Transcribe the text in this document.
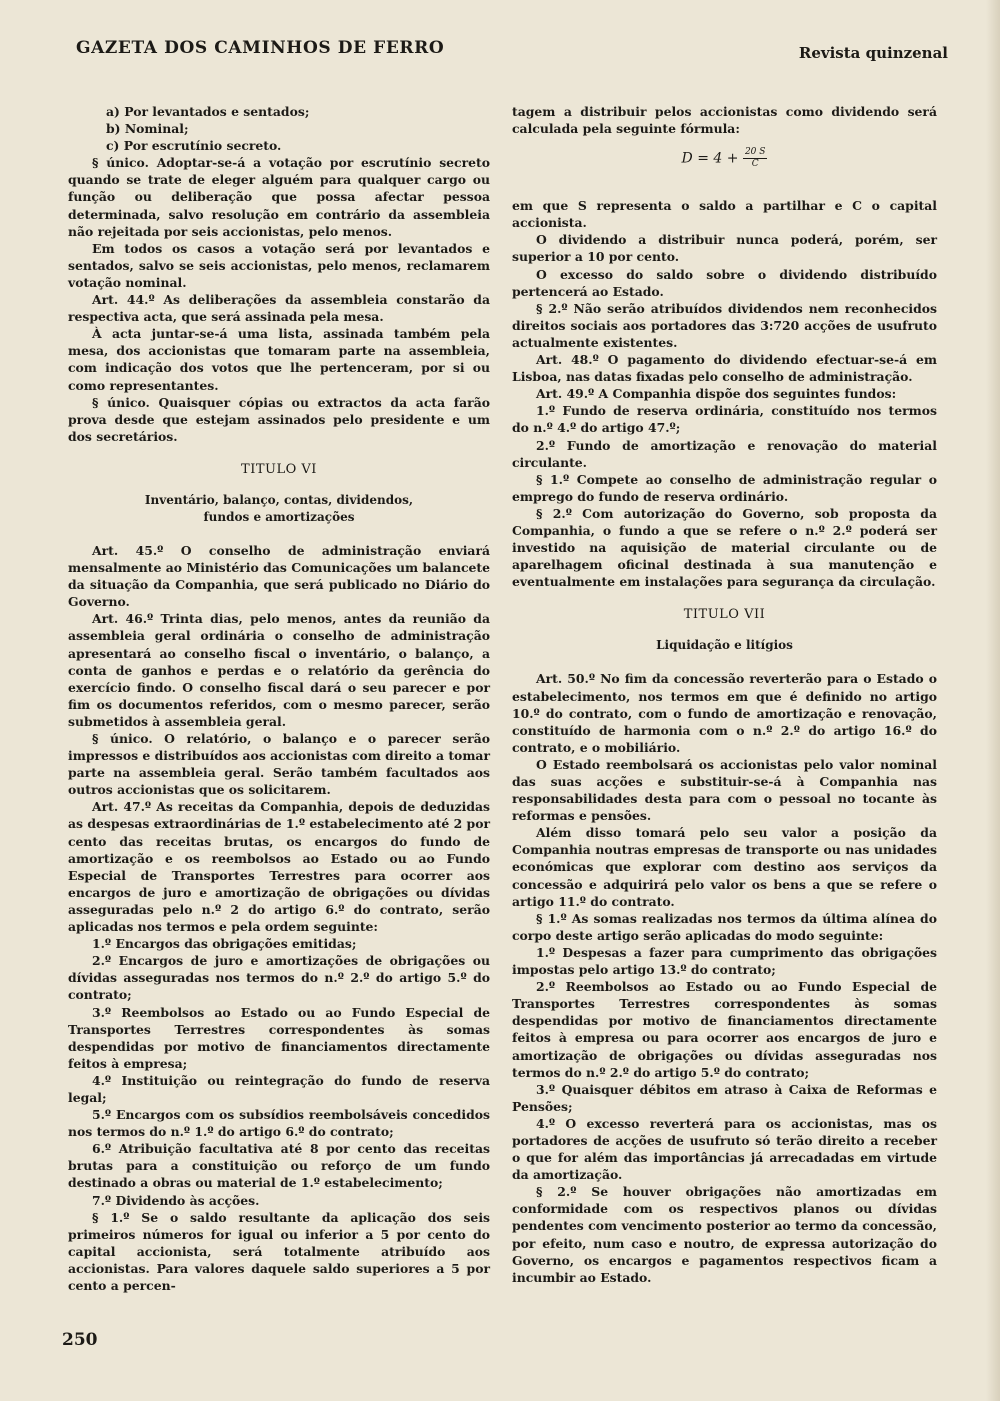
GAZETA DOS CAMINHOS DE FERRO	Revista quinzenal

a) Por levantados e sentados;

b) Nominal;

c) Por escrutínio secreto.

§ único. Adoptar-se-á a votação por escrutínio secreto quando se trate de eleger alguém para qualquer cargo ou função ou deliberação que possa afectar pessoa determinada, salvo resolução em contrário da assembleia não rejeitada por seis accionistas, pelo menos.

Em todos os casos a votação será por levantados e sentados, salvo se seis accionistas, pelo menos, reclamarem votação nominal.

Art. 44.º As deliberações da assembleia constarão da respectiva acta, que será assinada pela mesa.

À acta juntar-se-á uma lista, assinada também pela mesa, dos accionistas que tomaram parte na assembleia, com indicação dos votos que lhe pertenceram, por si ou como representantes.

§ único. Quaisquer cópias ou extractos da acta farão prova desde que estejam assinados pelo presidente e um dos secretários.

TITULO VI
Inventário, balanço, contas, dividendos,
fundos e amortizações

Art. 45.º O conselho de administração enviará mensalmente ao Ministério das Comunicações um balancete da situação da Companhia, que será publicado no Diário do Governo.

Art. 46.º Trinta dias, pelo menos, antes da reunião da assembleia geral ordinária o conselho de administração apresentará ao conselho fiscal o inventário, o balanço, a conta de ganhos e perdas e o relatório da gerência do exercício findo. O conselho fiscal dará o seu parecer e por fim os documentos referidos, com o mesmo parecer, serão submetidos à assembleia geral.

§ único. O relatório, o balanço e o parecer serão impressos e distribuídos aos accionistas com direito a tomar parte na assembleia geral. Serão também facultados aos outros accionistas que os solicitarem.

Art. 47.º As receitas da Companhia, depois de deduzidas as despesas extraordinárias de 1.º estabelecimento até 2 por cento das receitas brutas, os encargos do fundo de amortização e os reembolsos ao Estado ou ao Fundo Especial de Transportes Terrestres para ocorrer aos encargos de juro e amortização de obrigações ou dívidas asseguradas pelo n.º 2 do artigo 6.º do contrato, serão aplicadas nos termos e pela ordem seguinte:

1.º Encargos das obrigações emitidas;

2.º Encargos de juro e amortizações de obrigações ou dívidas asseguradas nos termos do n.º 2.º do artigo 5.º do contrato;

3.º Reembolsos ao Estado ou ao Fundo Especial de Transportes Terrestres correspondentes às somas despendidas por motivo de financiamentos directamente feitos à empresa;

4.º Instituição ou reintegração do fundo de reserva legal;

5.º Encargos com os subsídios reembolsáveis concedidos nos termos do n.º 1.º do artigo 6.º do contrato;

6.º Atribuição facultativa até 8 por cento das receitas brutas para a constituição ou reforço de um fundo destinado a obras ou material de 1.º estabelecimento;

7.º Dividendo às acções.

§ 1.º Se o saldo resultante da aplicação dos seis primeiros números for igual ou inferior a 5 por cento do capital accionista, será totalmente atribuído aos accionistas. Para valores daquele saldo superiores a 5 por cento a percen-

tagem a distribuir pelos accionistas como dividendo será calculada pela seguinte fórmula:

$D = 4 + \frac{20 S}{C}$

em que S representa o saldo a partilhar e C o capital accionista.

O dividendo a distribuir nunca poderá, porém, ser superior a 10 por cento.

O excesso do saldo sobre o dividendo distribuído pertencerá ao Estado.

§ 2.º Não serão atribuídos dividendos nem reconhecidos direitos sociais aos portadores das 3:720 acções de usufruto actualmente existentes.

Art. 48.º O pagamento do dividendo efectuar-se-á em Lisboa, nas datas fixadas pelo conselho de administração.

Art. 49.º A Companhia dispõe dos seguintes fundos:

1.º Fundo de reserva ordinária, constituído nos termos do n.º 4.º do artigo 47.º;

2.º Fundo de amortização e renovação do material circulante.

§ 1.º Compete ao conselho de administração regular o emprego do fundo de reserva ordinário.

§ 2.º Com autorização do Governo, sob proposta da Companhia, o fundo a que se refere o n.º 2.º poderá ser investido na aquisição de material circulante ou de aparelhagem oficinal destinada à sua manutenção e eventualmente em instalações para segurança da circulação.

TITULO VII
Liquidação e litígios

Art. 50.º No fim da concessão reverterão para o Estado o estabelecimento, nos termos em que é definido no artigo 10.º do contrato, com o fundo de amortização e renovação, constituído de harmonia com o n.º 2.º do artigo 16.º do contrato, e o mobiliário.

O Estado reembolsará os accionistas pelo valor nominal das suas acções e substituir-se-á à Companhia nas responsabilidades desta para com o pessoal no tocante às reformas e pensões.

Além disso tomará pelo seu valor a posição da Companhia noutras empresas de transporte ou nas unidades económicas que explorar com destino aos serviços da concessão e adquirirá pelo valor os bens a que se refere o artigo 11.º do contrato.

§ 1.º As somas realizadas nos termos da última alínea do corpo deste artigo serão aplicadas do modo seguinte:

1.º Despesas a fazer para cumprimento das obrigações impostas pelo artigo 13.º do contrato;

2.º Reembolsos ao Estado ou ao Fundo Especial de Transportes Terrestres correspondentes às somas despendidas por motivo de financiamentos directamente feitos à empresa ou para ocorrer aos encargos de juro e amortização de obrigações ou dívidas asseguradas nos termos do n.º 2.º do artigo 5.º do contrato;

3.º Quaisquer débitos em atraso à Caixa de Reformas e Pensões;

4.º O excesso reverterá para os accionistas, mas os portadores de acções de usufruto só terão direito a receber o que for além das importâncias já arrecadadas em virtude da amortização.

§ 2.º Se houver obrigações não amortizadas em conformidade com os respectivos planos ou dívidas pendentes com vencimento posterior ao termo da concessão, por efeito, num caso e noutro, de expressa autorização do Governo, os encargos e pagamentos respectivos ficam a incumbir ao Estado.

250
